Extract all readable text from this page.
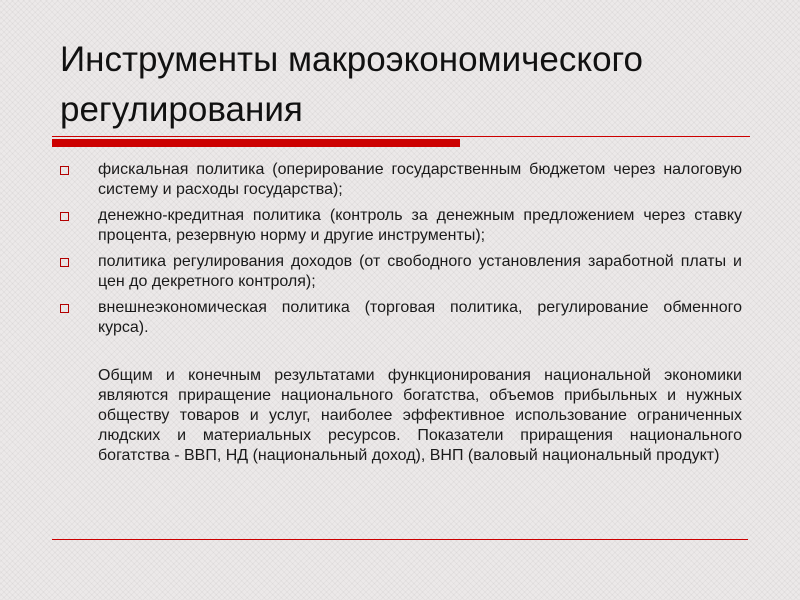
Инструменты макроэкономического регулирования
фискальная политика (оперирование государственным бюджетом через налоговую систему и расходы государства);
денежно-кредитная политика (контроль за денежным предложением через ставку процента, резервную норму и другие инструменты);
политика регулирования доходов (от свободного установления заработной платы и цен до декретного контроля);
внешнеэкономическая политика (торговая политика, регулирование обменного курса).

Общим и конечным результатами функционирования национальной экономики являются приращение национального богатства, объемов прибыльных и нужных обществу товаров и услуг, наиболее эффективное использование ограниченных людских и материальных ресурсов. Показатели приращения национального богатства - ВВП, НД (национальный доход), ВНП (валовый национальный продукт)
